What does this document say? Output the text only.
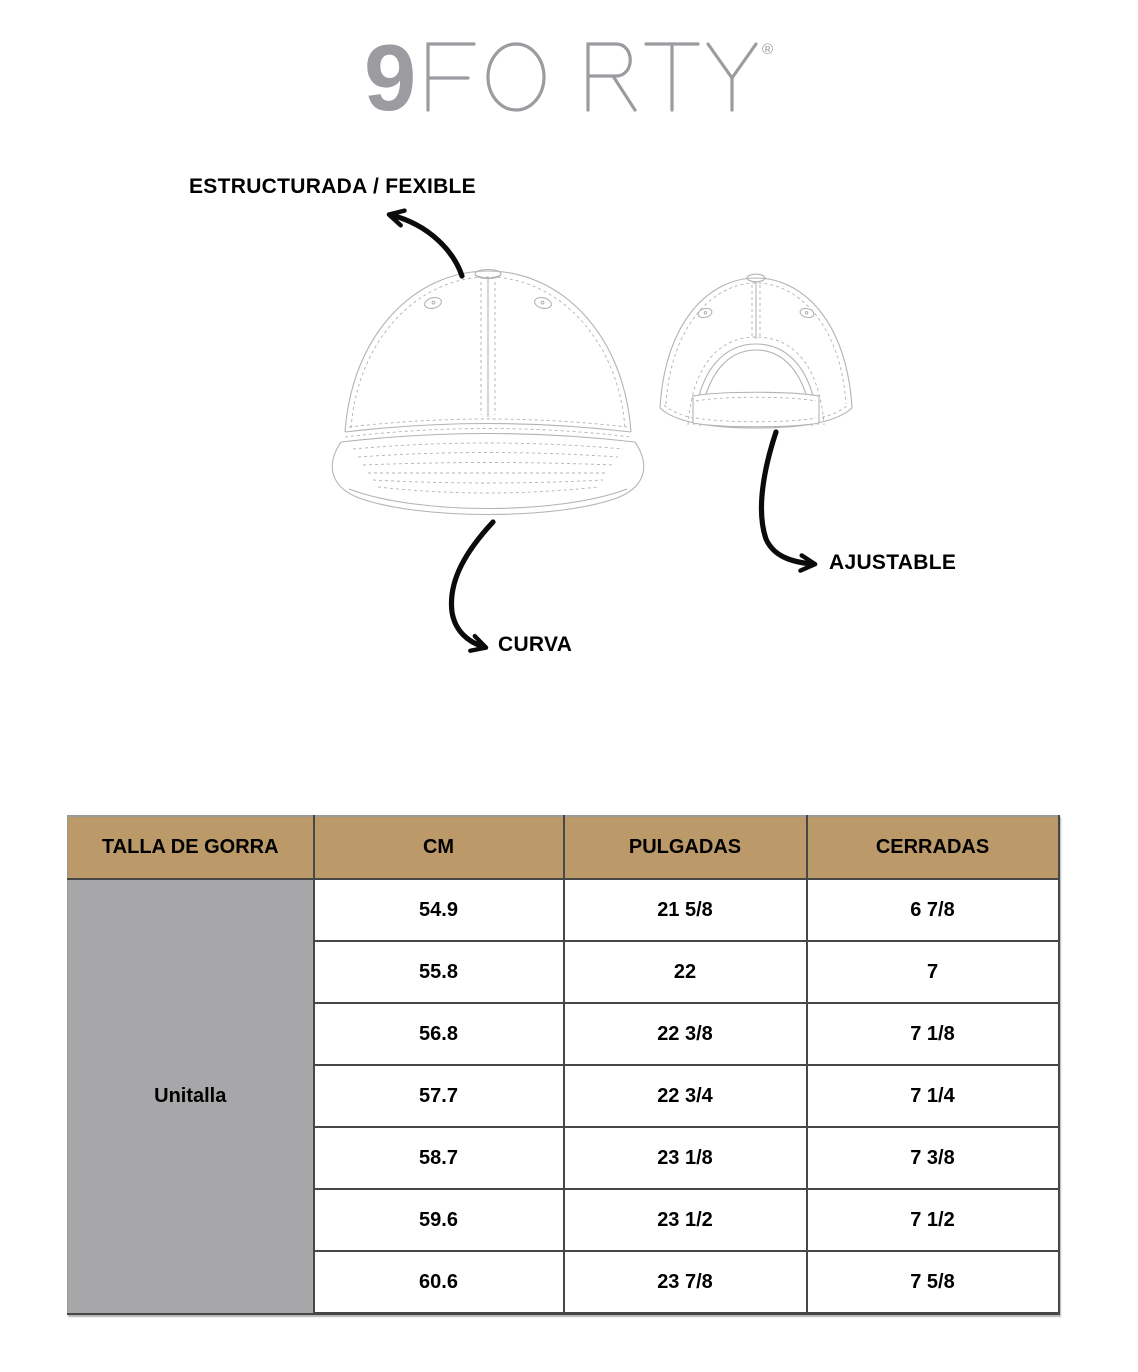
9	®
ESTRUCTURADA / FEXIBLE
AJUSTABLE
CURVA
TALLA DE GORRA	CM	PULGADAS	CERRADAS
Unitalla	54.9	21 5/8	6 7/8
	55.8	22	7
	56.8	22 3/8	7 1/8
	57.7	22 3/4	7 1/4
	58.7	23 1/8	7 3/8
	59.6	23 1/2	7 1/2
	60.6	23 7/8	7 5/8
